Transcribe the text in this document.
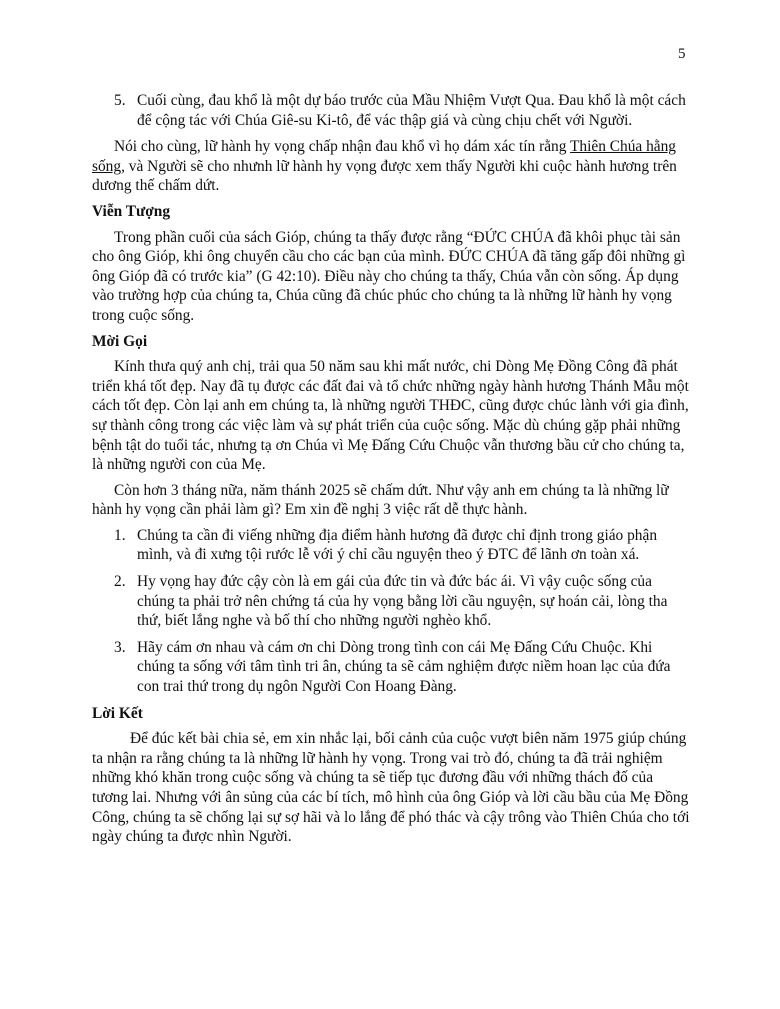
5
5. Cuối cùng, đau khổ là một dự báo trước của Mầu Nhiệm Vượt Qua. Đau khổ là một cách để cộng tác với Chúa Giê-su Ki-tô, để vác thập giá và cùng chịu chết với Người.

Nói cho cùng, lữ hành hy vọng chấp nhận đau khổ vì họ dám xác tín rằng Thiên Chúa hằng sống, và Người sẽ cho nhưnh lữ hành hy vọng được xem thấy Người khi cuộc hành hương trên dương thế chấm dứt.

Viễn Tượng

Trong phần cuối của sách Gióp, chúng ta thấy được rằng “ĐỨC CHÚA đã khôi phục tài sản cho ông Gióp, khi ông chuyển cầu cho các bạn của mình. ĐỨC CHÚA đã tăng gấp đôi những gì ông Gióp đã có trước kia” (G 42:10). Điều này cho chúng ta thấy, Chúa vẫn còn sống. Áp dụng vào trường hợp của chúng ta, Chúa cũng đã chúc phúc cho chúng ta là những lữ hành hy vọng trong cuộc sống.

Mời Gọi

Kính thưa quý anh chị, trải qua 50 năm sau khi mất nước, chi Dòng Mẹ Đồng Công đã phát triển khá tốt đẹp. Nay đã tụ được các đất đai và tổ chức những ngày hành hương Thánh Mẫu một cách tốt đẹp. Còn lại anh em chúng ta, là những người THĐC, cũng được chúc lành với gia đình, sự thành công trong các việc làm và sự phát triển của cuộc sống. Mặc dù chúng gặp phải những bệnh tật do tuổi tác, nhưng tạ ơn Chúa vì Mẹ Đấng Cứu Chuộc vẫn thương bầu cử cho chúng ta, là những người con của Mẹ.

Còn hơn 3 tháng nữa, năm thánh 2025 sẽ chấm dứt. Như vậy anh em chúng ta là những lữ hành hy vọng cần phải làm gì? Em xin đề nghị 3 việc rất dễ thực hành.

1. Chúng ta cần đi viếng những địa điểm hành hương đã được chỉ định trong giáo phận mình, và đi xưng tội rước lễ với ý chỉ cầu nguyện theo ý ĐTC để lãnh ơn toàn xá.
2. Hy vọng hay đức cậy còn là em gái của đức tin và đức bác ái. Vì vậy cuộc sống của chúng ta phải trở nên chứng tá của hy vọng bằng lời cầu nguyện, sự hoán cải, lòng tha thứ, biết lắng nghe và bố thí cho những người nghèo khổ.
3. Hãy cám ơn nhau và cám ơn chi Dòng trong tình con cái Mẹ Đấng Cứu Chuộc. Khi chúng ta sống với tâm tình tri ân, chúng ta sẽ cảm nghiệm được niềm hoan lạc của đứa con trai thứ trong dụ ngôn Người Con Hoang Đàng.
Lời Kết

Để đúc kết bài chia sẻ, em xin nhắc lại, bối cảnh của cuộc vượt biên năm 1975 giúp chúng ta nhận ra rằng chúng ta là những lữ hành hy vọng. Trong vai trò đó, chúng ta đã trải nghiệm những khó khăn trong cuộc sống và chúng ta sẽ tiếp tục đương đầu với những thách đố của tương lai. Nhưng với ân sủng của các bí tích, mô hình của ông Gióp và lời cầu bầu của Mẹ Đồng Công, chúng ta sẽ chống lại sự sợ hãi và lo lắng để phó thác và cậy trông vào Thiên Chúa cho tới ngày chúng ta được nhìn Người.
